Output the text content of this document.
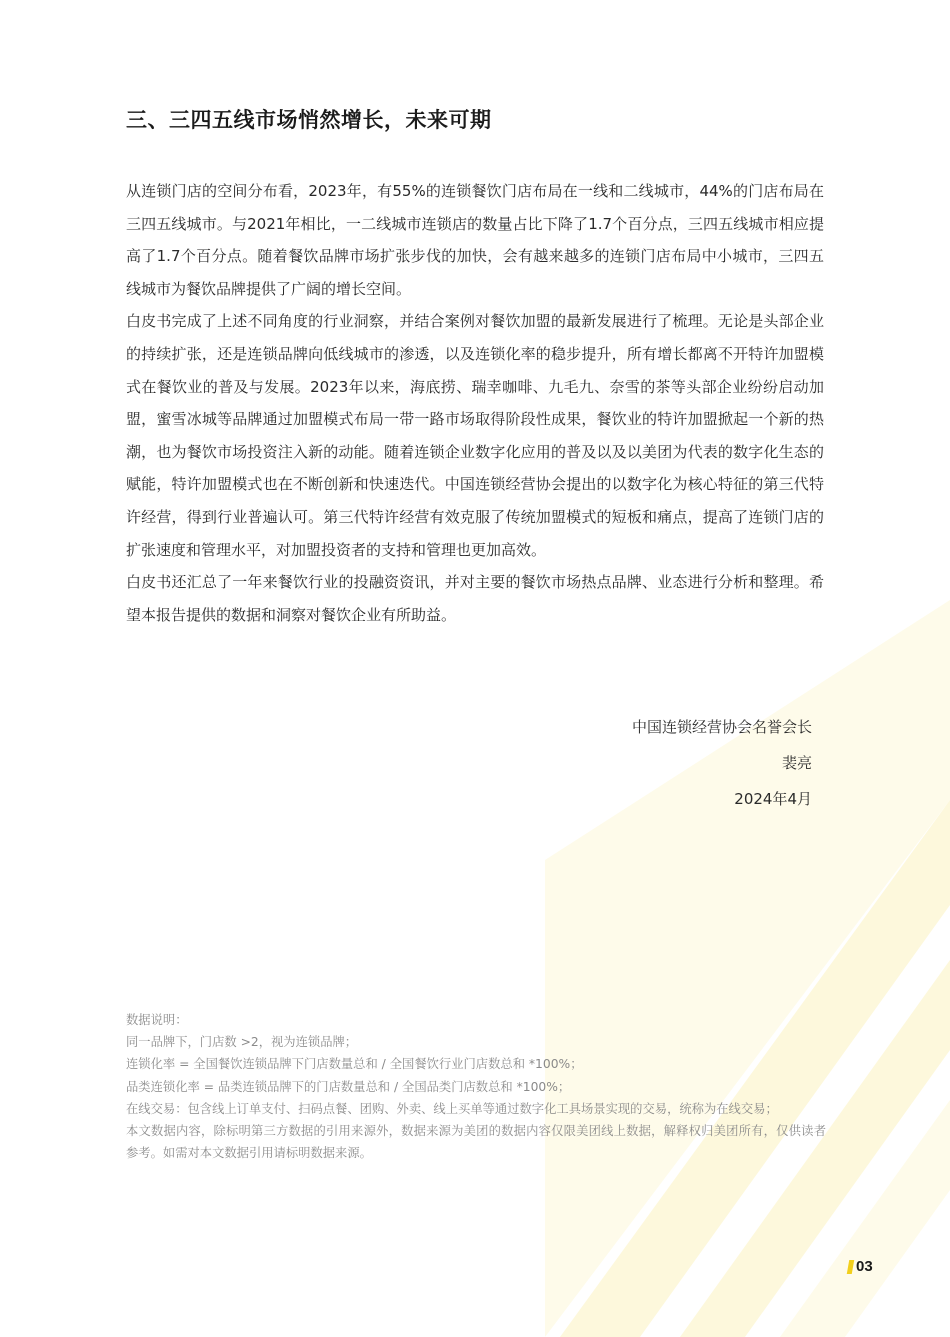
三、三四五线市场悄然增长，未来可期

从连锁门店的空间分布看，2023年，有55%的连锁餐饮门店布局在一线和二线城市，44%的门店布局在三四五线城市。与2021年相比，一二线城市连锁店的数量占比下降了1.7个百分点，三四五线城市相应提高了1.7个百分点。随着餐饮品牌市场扩张步伐的加快，会有越来越多的连锁门店布局中小城市，三四五线城市为餐饮品牌提供了广阔的增长空间。

白皮书完成了上述不同角度的行业洞察，并结合案例对餐饮加盟的最新发展进行了梳理。无论是头部企业的持续扩张，还是连锁品牌向低线城市的渗透，以及连锁化率的稳步提升，所有增长都离不开特许加盟模式在餐饮业的普及与发展。2023年以来，海底捞、瑞幸咖啡、九毛九、奈雪的茶等头部企业纷纷启动加盟，蜜雪冰城等品牌通过加盟模式布局一带一路市场取得阶段性成果，餐饮业的特许加盟掀起一个新的热潮，也为餐饮市场投资注入新的动能。随着连锁企业数字化应用的普及以及以美团为代表的数字化生态的赋能，特许加盟模式也在不断创新和快速迭代。中国连锁经营协会提出的以数字化为核心特征的第三代特许经营，得到行业普遍认可。第三代特许经营有效克服了传统加盟模式的短板和痛点，提高了连锁门店的扩张速度和管理水平，对加盟投资者的支持和管理也更加高效。

白皮书还汇总了一年来餐饮行业的投融资资讯，并对主要的餐饮市场热点品牌、业态进行分析和整理。希望本报告提供的数据和洞察对餐饮企业有所助益。

中国连锁经营协会名誉会长
裴亮
2024年4月
数据说明：
同一品牌下，门店数 >2，视为连锁品牌；
连锁化率 = 全国餐饮连锁品牌下门店数量总和 / 全国餐饮行业门店数总和 *100%；
品类连锁化率 = 品类连锁品牌下的门店数量总和 / 全国品类门店数总和 *100%；
在线交易：包含线上订单支付、扫码点餐、团购、外卖、线上买单等通过数字化工具场景实现的交易，统称为在线交易；
本文数据内容，除标明第三方数据的引用来源外，数据来源为美团的数据内容仅限美团线上数据，解释权归美团所有，仅供读者参考。如需对本文数据引用请标明数据来源。
03
